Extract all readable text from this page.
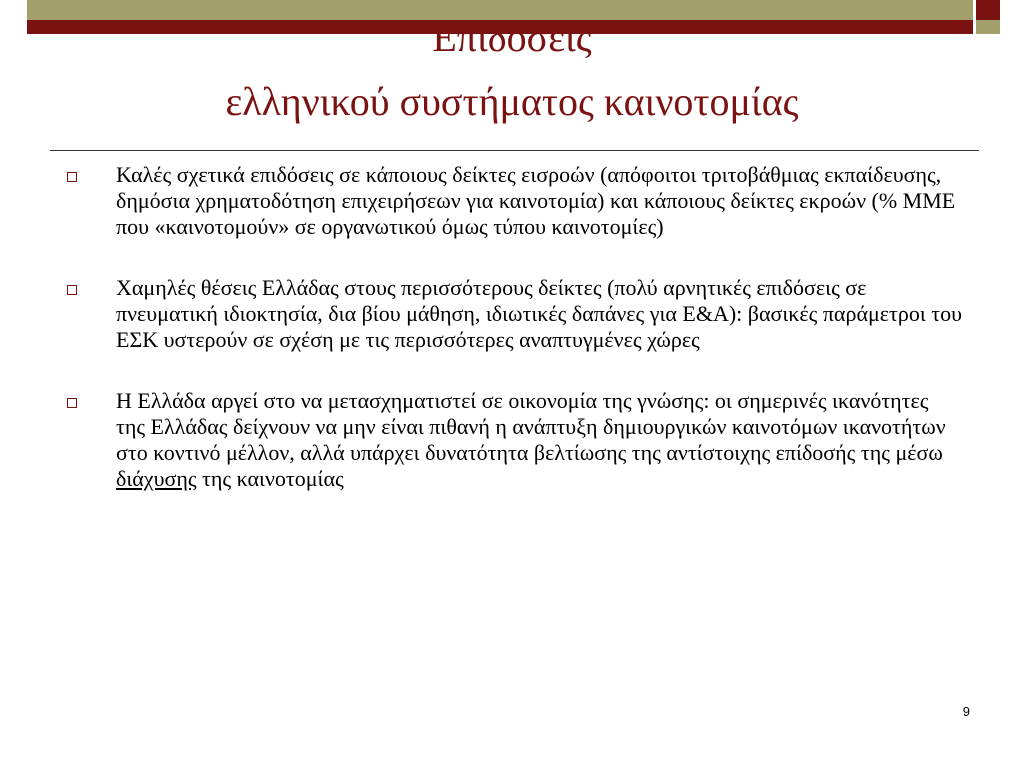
Επιδόσεις
ελληνικού συστήματος καινοτομίας
Καλές σχετικά επιδόσεις σε κάποιους δείκτες εισροών (απόφοιτοι τριτοβάθμιας εκπαίδευσης, δημόσια χρηματοδότηση επιχειρήσεων για καινοτομία) και κάποιους δείκτες εκροών (% ΜΜΕ που «καινοτομούν» σε οργανωτικού όμως τύπου καινοτομίες)
Χαμηλές θέσεις Ελλάδας στους περισσότερους δείκτες (πολύ αρνητικές επιδόσεις σε πνευματική ιδιοκτησία, δια βίου μάθηση, ιδιωτικές δαπάνες για Ε&Α): βασικές παράμετροι του ΕΣΚ υστερούν σε σχέση με τις περισσότερες αναπτυγμένες χώρες
Η Ελλάδα αργεί στο να μετασχηματιστεί σε οικονομία της γνώσης: οι σημερινές ικανότητες της Ελλάδας δείχνουν να μην είναι πιθανή η ανάπτυξη δημιουργικών καινοτόμων ικανοτήτων στο κοντινό μέλλον, αλλά υπάρχει δυνατότητα βελτίωσης της αντίστοιχης επίδοσής της μέσω διάχυσης της καινοτομίας
9
